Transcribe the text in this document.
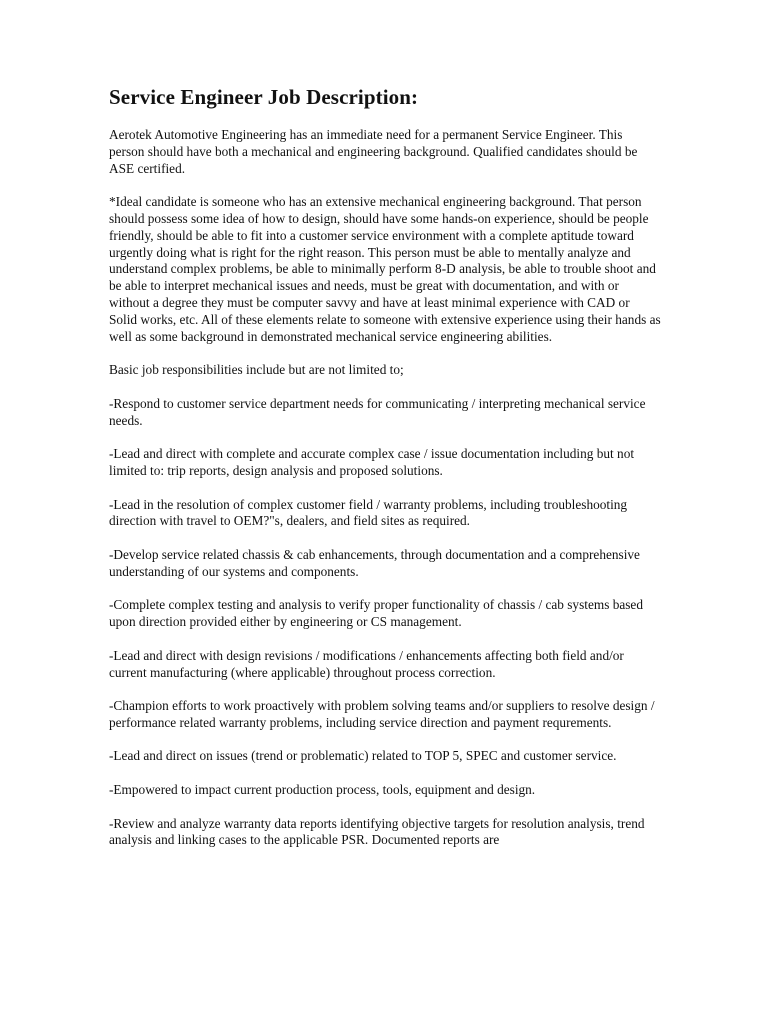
Service Engineer Job Description:

Aerotek Automotive Engineering has an immediate need for a permanent Service Engineer. This person should have both a mechanical and engineering background. Qualified candidates should be ASE certified.

*Ideal candidate is someone who has an extensive mechanical engineering background. That person should possess some idea of how to design, should have some hands-on experience, should be people friendly, should be able to fit into a customer service environment with a complete aptitude toward urgently doing what is right for the right reason. This person must be able to mentally analyze and understand complex problems, be able to minimally perform 8-D analysis, be able to trouble shoot and be able to interpret mechanical issues and needs, must be great with documentation, and with or without a degree they must be computer savvy and have at least minimal experience with CAD or Solid works, etc. All of these elements relate to someone with extensive experience using their hands as well as some background in demonstrated mechanical service engineering abilities.

Basic job responsibilities include but are not limited to;

-Respond to customer service department needs for communicating / interpreting mechanical service needs.

-Lead and direct with complete and accurate complex case / issue documentation including but not limited to: trip reports, design analysis and proposed solutions.

-Lead in the resolution of complex customer field / warranty problems, including troubleshooting direction with travel to OEM?"s, dealers, and field sites as required.

-Develop service related chassis & cab enhancements, through documentation and a comprehensive understanding of our systems and components.

-Complete complex testing and analysis to verify proper functionality of chassis / cab systems based upon direction provided either by engineering or CS management.

-Lead and direct with design revisions / modifications / enhancements affecting both field and/or current manufacturing (where applicable) throughout process correction.

-Champion efforts to work proactively with problem solving teams and/or suppliers to resolve design / performance related warranty problems, including service direction and payment requrements.

-Lead and direct on issues (trend or problematic) related to TOP 5, SPEC and customer service.

-Empowered to impact current production process, tools, equipment and design.

-Review and analyze warranty data reports identifying objective targets for resolution analysis, trend analysis and linking cases to the applicable PSR. Documented reports are
